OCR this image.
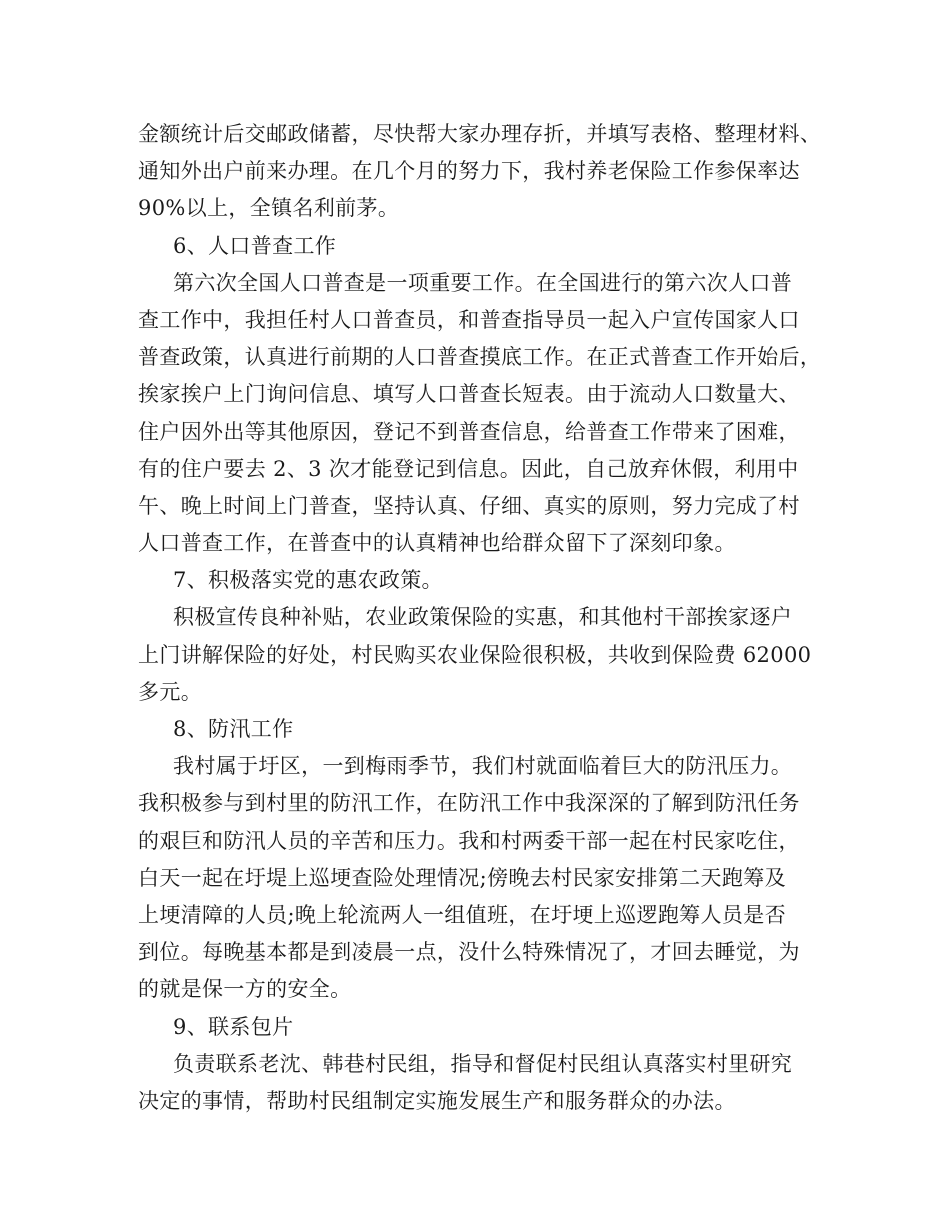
金额统计后交邮政储蓄，尽快帮大家办理存折，并填写表格、整理材料、
通知外出户前来办理。在几个月的努力下，我村养老保险工作参保率达
90%以上，全镇名利前茅。
6、人口普查工作
第六次全国人口普查是一项重要工作。在全国进行的第六次人口普
查工作中，我担任村人口普查员，和普查指导员一起入户宣传国家人口
普查政策，认真进行前期的人口普查摸底工作。在正式普查工作开始后，
挨家挨户上门询问信息、填写人口普查长短表。由于流动人口数量大、
住户因外出等其他原因，登记不到普查信息，给普查工作带来了困难，
有的住户要去 2、3 次才能登记到信息。因此，自己放弃休假，利用中
午、晚上时间上门普查，坚持认真、仔细、真实的原则，努力完成了村
人口普查工作，在普查中的认真精神也给群众留下了深刻印象。
7、积极落实党的惠农政策。
积极宣传良种补贴，农业政策保险的实惠，和其他村干部挨家逐户
上门讲解保险的好处，村民购买农业保险很积极，共收到保险费 62000
多元。
8、防汛工作
我村属于圩区，一到梅雨季节，我们村就面临着巨大的防汛压力。
我积极参与到村里的防汛工作，在防汛工作中我深深的了解到防汛任务
的艰巨和防汛人员的辛苦和压力。我和村两委干部一起在村民家吃住，
白天一起在圩堤上巡埂查险处理情况;傍晚去村民家安排第二天跑筹及
上埂清障的人员;晚上轮流两人一组值班，在圩埂上巡逻跑筹人员是否
到位。每晚基本都是到凌晨一点，没什么特殊情况了，才回去睡觉，为
的就是保一方的安全。
9、联系包片
负责联系老沈、韩巷村民组，指导和督促村民组认真落实村里研究
决定的事情，帮助村民组制定实施发展生产和服务群众的办法。
